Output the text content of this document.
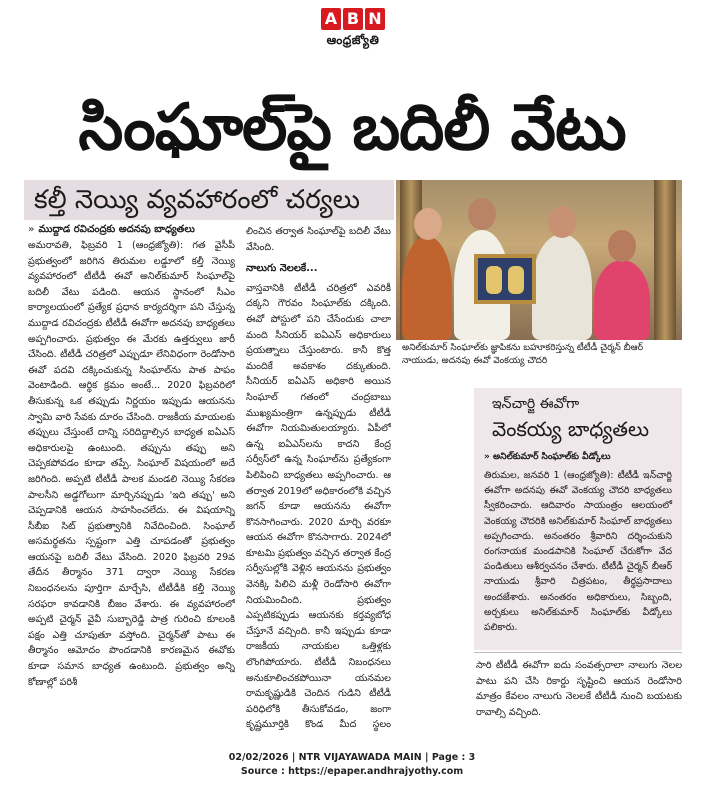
A B N
ఆంధ్రజ్యోతి
సింఘాల్‌పై బదిలీ వేటు
కల్తీ నెయ్యి వ్యవహారంలో చర్యలు
» ముద్దాడ రవిచంద్రకు అదనపు బాధ్యతలు

అమరావతి, ఫిబ్రవరి 1 (ఆంధ్రజ్యోతి): గత వైసీపీ ప్రభుత్వంలో జరిగిన తిరుమల లడ్డూలో కల్తీ నెయ్యి వ్యవహారంలో టీటీడీ ఈవో అనిల్‌కుమార్ సింఘాల్‌పై బదిలీ వేటు పడింది. ఆయన స్థానంలో సీఎం కార్యాలయంలో ప్రత్యేక ప్రధాన కార్యదర్శిగా పని చేస్తున్న ముద్దాడ రవిచంద్రకు టీటీడీ ఈవోగా అదనపు బాధ్యతలు అప్పగించారు. ప్రభుత్వం ఈ మేరకు ఉత్తర్వులు జారీ చేసింది. టీటీడీ చరిత్రలో ఎప్పుడూ లేనివిధంగా రెండోసారి ఈవో పదవి దక్కించుకున్న సింఘాల్‌ను పాత పాపం వెంటాడింది. ఆర్థిక క్రమం అంటే... 2020 ఫిబ్రవరిలో తీసుకున్న ఒక తప్పుడు నిర్ణయం ఇప్పుడు ఆయనను స్వామి వారి సేవకు దూరం చేసింది. రాజకీయ మాయలకు తప్పులు చేస్తుంటే దాన్ని సరిదిద్దాల్సిన బాధ్యత ఐఏఎస్ అధికారులపై ఉంటుంది. తప్పును తప్పు అని చెప్పకపోవడం కూడా తప్పే. సింఘాల్ విషయంలో అదే జరిగింది. అప్పటి టీటీడీ పాలక మండలి నెయ్యి సేకరణ పాలసీని అడ్డగోలుగా మార్చినప్పుడు 'ఇది తప్పు' అని చెప్పడానికి ఆయన సాహసించలేదు. ఈ విషయాన్ని సీబీఐ సిట్ ప్రభుత్వానికి నివేదించింది. సింఘాల్ అసమర్థతను స్పష్టంగా ఎత్తి చూపడంతో ప్రభుత్వం ఆయనపై బదిలీ వేటు వేసింది. 2020 ఫిబ్రవరి 29వ తేదీన తీర్మానం 371 ద్వారా నెయ్యి సేకరణ నిబంధనలను పూర్తిగా మార్చేసి, టీటీడీకి కల్తీ నెయ్యి సరఫరా కావడానికి బీజం వేశారు. ఈ వ్యవహారంలో అప్పటి చైర్మన్ వైవీ సుబ్బారెడ్డి పాత్ర గురించి కూలంకి పక్షం ఎత్తి చూపుతూ వస్తోంది. చైర్మన్‌తో పాటు ఈ తీర్మానం ఆమోదం పొందడానికి కారణమైన ఈవోకు కూడా సమాన బాధ్యత ఉంటుంది. ప్రభుత్వం అన్ని కోణాల్లో పరిశీ

లించిన తర్వాత సింఘాల్‌పై బదిలీ వేటు వేసింది.

నాలుగు నెలలకే...

వాస్తవానికి టీటీడీ చరిత్రలో ఎవరికీ దక్కని గౌరవం సింఘాల్‌కు దక్కింది. ఈవో పోస్టులో పని చేసేందుకు చాలా మంది సీనియర్ ఐఏఎస్ అధికారులు ప్రయత్నాలు చేస్తుంటారు. కానీ కొత్త మందికే అవకాశం దక్కుతుంది. సీనియర్ ఐఏఎస్ అధికారి అయిన సింఘాల్ గతంలో చంద్రబాబు ముఖ్యమంత్రిగా ఉన్నప్పుడు టీటీడీ ఈవోగా నియమితులయ్యారు. ఏపీలో ఉన్న ఐఏఎస్‌లను కాదని కేంద్ర సర్వీస్‌లో ఉన్న సింఘాల్‌ను ప్రత్యేకంగా పిలిపించి బాధ్యతలు అప్పగించారు. ఆ తర్వాత 2019లో అధికారంలోకి వచ్చిన జగన్ కూడా ఆయనను ఈవోగా కొనసాగించారు. 2020 మార్చి వరకూ ఆయన ఈవోగా కొనసాగారు. 2024లో కూటమి ప్రభుత్వం వచ్చిన తర్వాత కేంద్ర సర్వీసుల్లోకి వెళ్లిన ఆయనను ప్రభుత్వం వెనక్కి పిలిచి మళ్లీ రెండోసారి ఈవోగా నియమించింది. ప్రభుత్వం ఎప్పటికప్పుడు ఆయనకు కర్తవ్యబోధ చేస్తూనే వచ్చింది. కానీ ఇప్పుడు కూడా రాజకీయ నాయకుల ఒత్తిళ్లకు లొంగిపోయారు. టీటీడీ నిబంధనలు అనుకూలించకపోయినా యనమల రామకృష్ణుడికి చెందిన గుడిని టీటీడీ పరిధిలోకి తీసుకోవడం, జంగా కృష్ణమూర్తికి కొండ మీద స్థలం

అనిల్‌కుమార్ సింఘాల్‌కు జ్ఞాపికను బహూకరిస్తున్న టీటీడీ చైర్మన్ బీఆర్ నాయుడు, అదనపు ఈవో వెంకయ్య చౌదరి
ఇన్‌చార్జి ఈవోగా
వెంకయ్య బాధ్యతలు
» అనిల్‌కుమార్ సింఘాల్‌కు వీడ్కోలు
తిరుమల, జనవరి 1 (ఆంధ్రజ్యోతి): టీటీడీ ఇన్‌చార్జి ఈవోగా అదనపు ఈవో వెంకయ్య చౌదరి బాధ్యతలు స్వీకరించారు. ఆదివారం సాయంత్రం ఆలయంలో వెంకయ్య చౌదరికి అనిల్‌కుమార్ సింఘాల్ బాధ్యతలు అప్పగించారు. అనంతరం శ్రీవారిని దర్శించుకుని రంగనాయక మండపానికి సింఘాల్ చేరుకోగా వేద పండితులు ఆశీర్వచనం చేశారు. టీటీడీ చైర్మన్ బీఆర్ నాయుడు శ్రీవారి చిత్రపటం, తీర్థప్రసాదాలు అందజేశారు. అనంతరం అధికారులు, సిబ్బంది, అర్చకులు అనిల్‌కుమార్ సింఘాల్‌కు వీడ్కోలు పలికారు.

సారి టీటీడీ ఈవోగా ఐదు సంవత్సరాలా నాలుగు నెలల పాటు పని చేసి రికార్డు సృష్టించి ఆయన రెండోసారి మాత్రం కేవలం నాలుగు నెలలకే టీటీడీ నుంచి బయటకు రావాల్సి వచ్చింది.

02/02/2026 | NTR VIJAYAWADA MAIN | Page : 3
Source : https://epaper.andhrajyothy.com
